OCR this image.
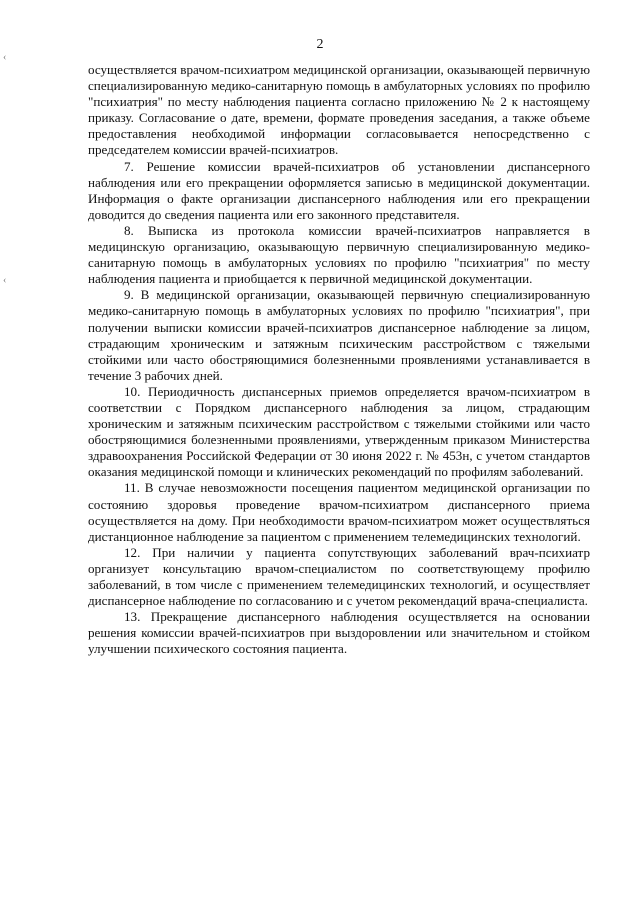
‹
‹
2

осуществляется врачом-психиатром медицинской организации, оказывающей первичную специализированную медико-санитарную помощь в амбулаторных условиях по профилю "психиатрия" по месту наблюдения пациента согласно приложению № 2 к настоящему приказу. Согласование о дате, времени, формате проведения заседания, а также объеме предоставления необходимой информации согласовывается непосредственно с председателем комиссии врачей-психиатров.

7. Решение комиссии врачей-психиатров об установлении диспансерного наблюдения или его прекращении оформляется записью в медицинской документации. Информация о факте организации диспансерного наблюдения или его прекращении доводится до сведения пациента или его законного представителя.

8. Выписка из протокола комиссии врачей-психиатров направляется в медицинскую организацию, оказывающую первичную специализированную медико-санитарную помощь в амбулаторных условиях по профилю "психиатрия" по месту наблюдения пациента и приобщается к первичной медицинской документации.

9. В медицинской организации, оказывающей первичную специализированную медико-санитарную помощь в амбулаторных условиях по профилю "психиатрия", при получении выписки комиссии врачей-психиатров диспансерное наблюдение за лицом, страдающим хроническим и затяжным психическим расстройством с тяжелыми стойкими или часто обостряющимися болезненными проявлениями устанавливается в течение 3 рабочих дней.

10. Периодичность диспансерных приемов определяется врачом-психиатром в соответствии с Порядком диспансерного наблюдения за лицом, страдающим хроническим и затяжным психическим расстройством с тяжелыми стойкими или часто обостряющимися болезненными проявлениями, утвержденным приказом Министерства здравоохранения Российской Федерации от 30 июня 2022 г. № 453н, с учетом стандартов оказания медицинской помощи и клинических рекомендаций по профилям заболеваний.

11. В случае невозможности посещения пациентом медицинской организации по состоянию здоровья проведение врачом-психиатром диспансерного приема осуществляется на дому. При необходимости врачом-психиатром может осуществляться дистанционное наблюдение за пациентом с применением телемедицинских технологий.

12. При наличии у пациента сопутствующих заболеваний врач-психиатр организует консультацию врачом-специалистом по соответствующему профилю заболеваний, в том числе с применением телемедицинских технологий, и осуществляет диспансерное наблюдение по согласованию и с учетом рекомендаций врача-специалиста.

13. Прекращение диспансерного наблюдения осуществляется на основании решения комиссии врачей-психиатров при выздоровлении или значительном и стойком улучшении психического состояния пациента.
